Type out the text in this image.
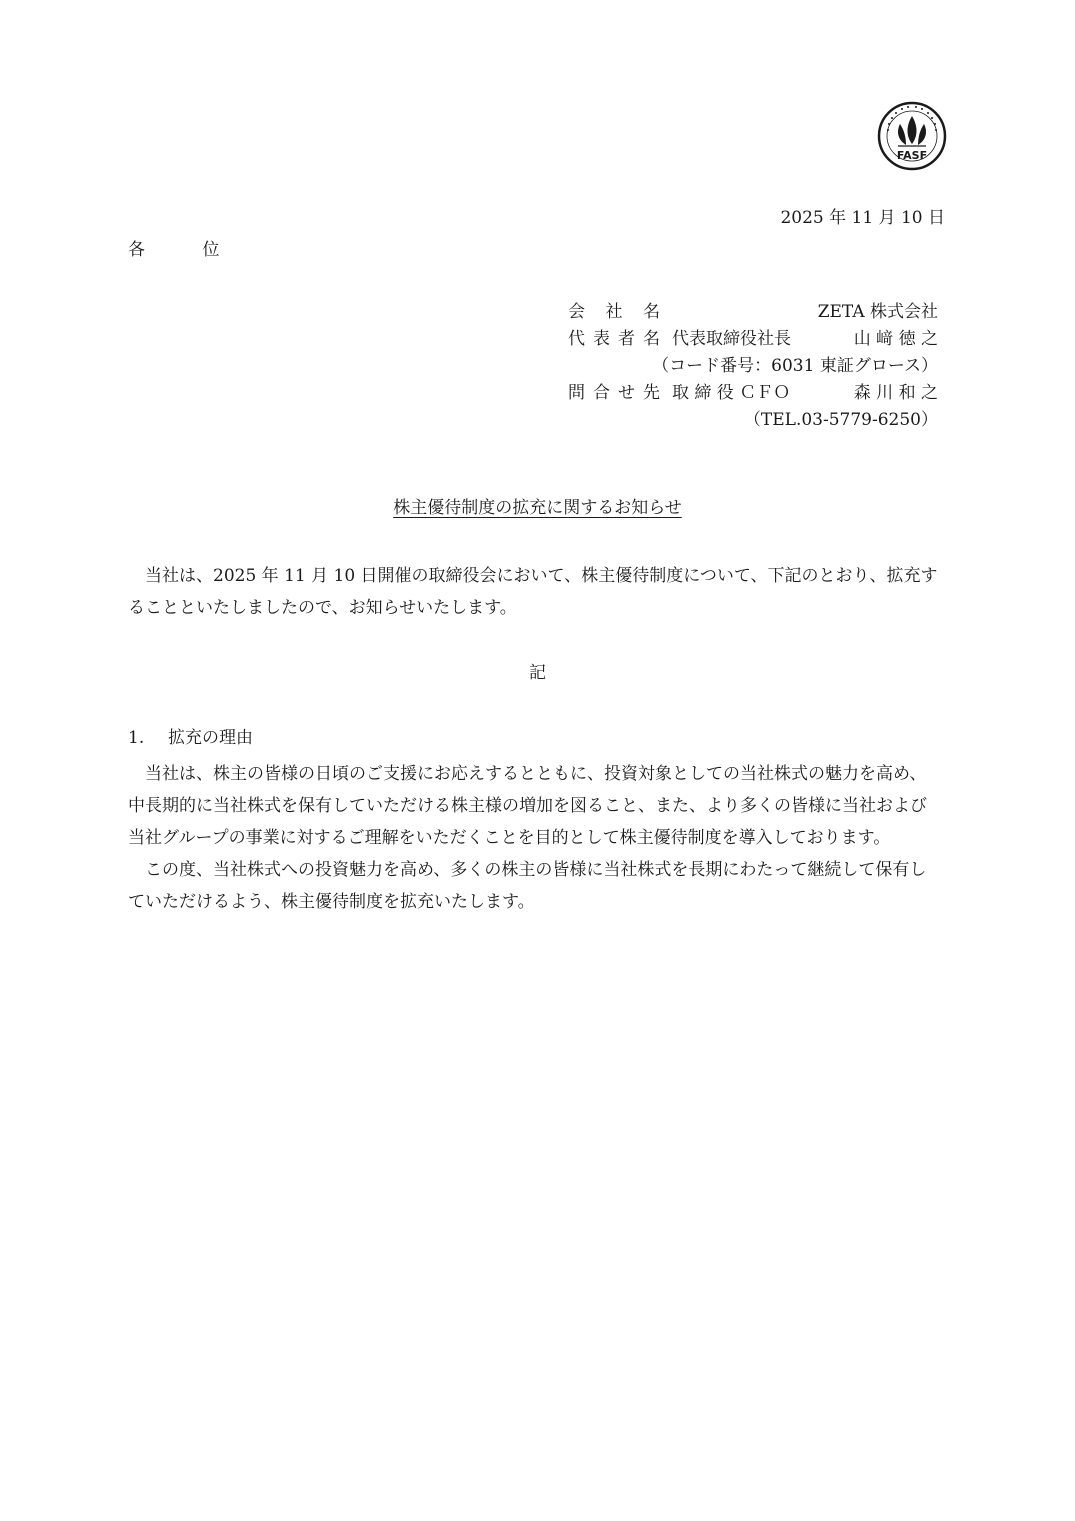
FASF
2025 年 11 月 10 日
各 位
会 社 名	ZETA 株式会社
代表者名 代表取締役社長	山 﨑 徳 之
（コード番号：6031 東証グロース）
問合せ先 取 締 役 ＣＦＯ	森 川 和 之
（TEL.03-5779-6250）
株主優待制度の拡充に関するお知らせ
当社は、2025 年 11 月 10 日開催の取締役会において、株主優待制度について、下記のとおり、拡充することといたしましたので、お知らせいたします。
記
1. 拡充の理由
当社は、株主の皆様の日頃のご支援にお応えするとともに、投資対象としての当社株式の魅力を高め、中長期的に当社株式を保有していただける株主様の増加を図ること、また、より多くの皆様に当社および当社グループの事業に対するご理解をいただくことを目的として株主優待制度を導入しております。
この度、当社株式への投資魅力を高め、多くの株主の皆様に当社株式を長期にわたって継続して保有していただけるよう、株主優待制度を拡充いたします。
